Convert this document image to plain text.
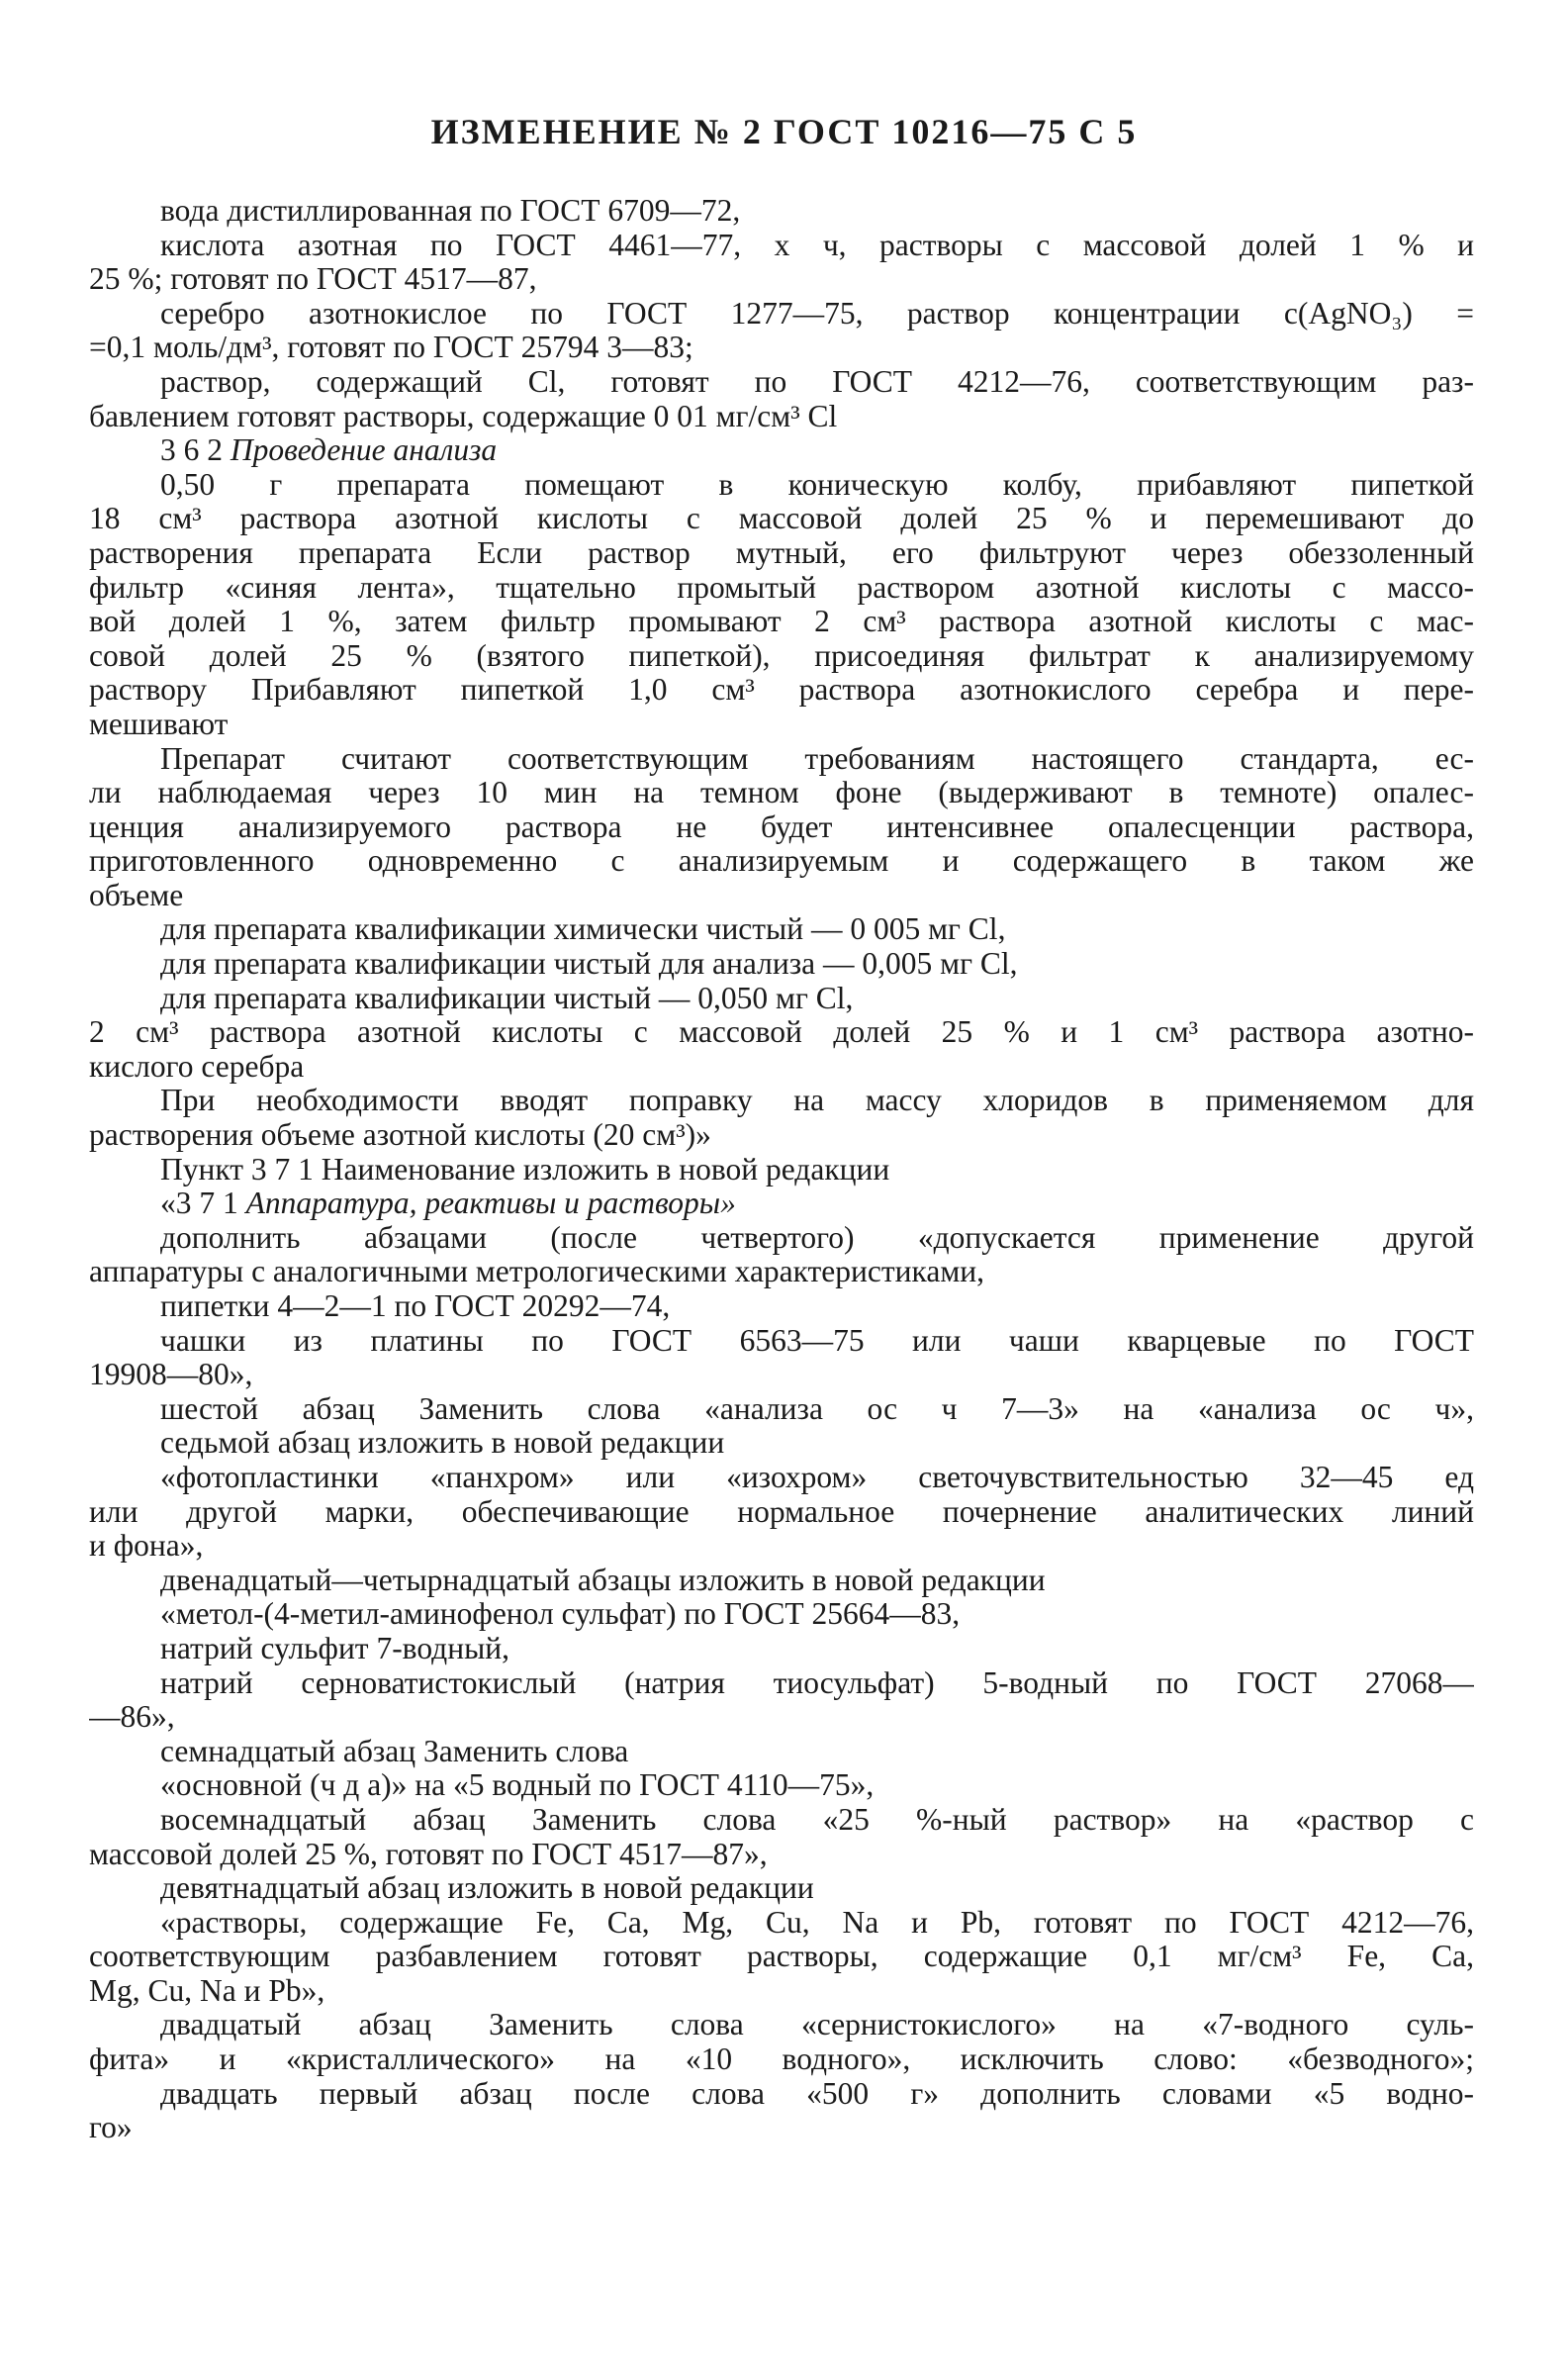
ИЗМЕНЕНИЕ № 2 ГОСТ 10216—75 С 5
вода дистиллированная по ГОСТ 6709—72,
кислота азотная по ГОСТ 4461—77, х ч, растворы с массовой долей 1 % и
25 %; готовят по ГОСТ 4517—87,
серебро азотнокислое по ГОСТ 1277—75, раствор концентрации c(AgNO₃) =
=0,1 моль/дм³, готовят по ГОСТ 25794 3—83;
раствор, содержащий Cl, готовят по ГОСТ 4212—76, соответствующим раз-
бавлением готовят растворы, содержащие 0 01 мг/см³ Cl
3 6 2 Проведение анализа
0,50 г препарата помещают в коническую колбу, прибавляют пипеткой
18 см³ раствора азотной кислоты с массовой долей 25 % и перемешивают до
растворения препарата Если раствор мутный, его фильтруют через обеззоленный
фильтр «синяя лента», тщательно промытый раствором азотной кислоты с массо-
вой долей 1 %, затем фильтр промывают 2 см³ раствора азотной кислоты с мас-
совой долей 25 % (взятого пипеткой), присоединяя фильтрат к анализируемому
раствору Прибавляют пипеткой 1,0 см³ раствора азотнокислого серебра и пере-
мешивают
Препарат считают соответствующим требованиям настоящего стандарта, ес-
ли наблюдаемая через 10 мин на темном фоне (выдерживают в темноте) опалес-
ценция анализируемого раствора не будет интенсивнее опалесценции раствора,
приготовленного одновременно с анализируемым и содержащего в таком же
объеме
для препарата квалификации химически чистый — 0 005 мг Cl,
для препарата квалификации чистый для анализа — 0,005 мг Cl,
для препарата квалификации чистый — 0,050 мг Cl,
2 см³ раствора азотной кислоты с массовой долей 25 % и 1 см³ раствора азотно-
кислого серебра
При необходимости вводят поправку на массу хлоридов в применяемом для
растворения объеме азотной кислоты (20 см³)»
Пункт 3 7 1 Наименование изложить в новой редакции
«3 7 1 Аппаратура, реактивы и растворы»
дополнить абзацами (после четвертого) «допускается применение другой
аппаратуры с аналогичными метрологическими характеристиками,
пипетки 4—2—1 по ГОСТ 20292—74,
чашки из платины по ГОСТ 6563—75 или чаши кварцевые по ГОСТ
19908—80»,
шестой абзац Заменить слова «анализа ос ч 7—3» на «анализа ос ч»,
седьмой абзац изложить в новой редакции
«фотопластинки «панхром» или «изохром» светочувствительностью 32—45 ед
или другой марки, обеспечивающие нормальное почернение аналитических линий
и фона»,
двенадцатый—четырнадцатый абзацы изложить в новой редакции
«метол-(4-метил-аминофенол сульфат) по ГОСТ 25664—83,
натрий сульфит 7-водный,
натрий серноватистокислый (натрия тиосульфат) 5-водный по ГОСТ 27068—
—86»,
семнадцатый абзац Заменить слова
«основной (ч д а)» на «5 водный по ГОСТ 4110—75»,
восемнадцатый абзац Заменить слова «25 %-ный раствор» на «раствор с
массовой долей 25 %, готовят по ГОСТ 4517—87»,
девятнадцатый абзац изложить в новой редакции
«растворы, содержащие Fe, Ca, Mg, Cu, Na и Pb, готовят по ГОСТ 4212—76,
соответствующим разбавлением готовят растворы, содержащие 0,1 мг/см³ Fe, Ca,
Mg, Cu, Na и Pb»,
двадцатый абзац Заменить слова «сернистокислого» на «7-водного суль-
фита» и «кристаллического» на «10 водного», исключить слово: «безводного»;
двадцать первый абзац после слова «500 г» дополнить словами «5 водно-
го»
